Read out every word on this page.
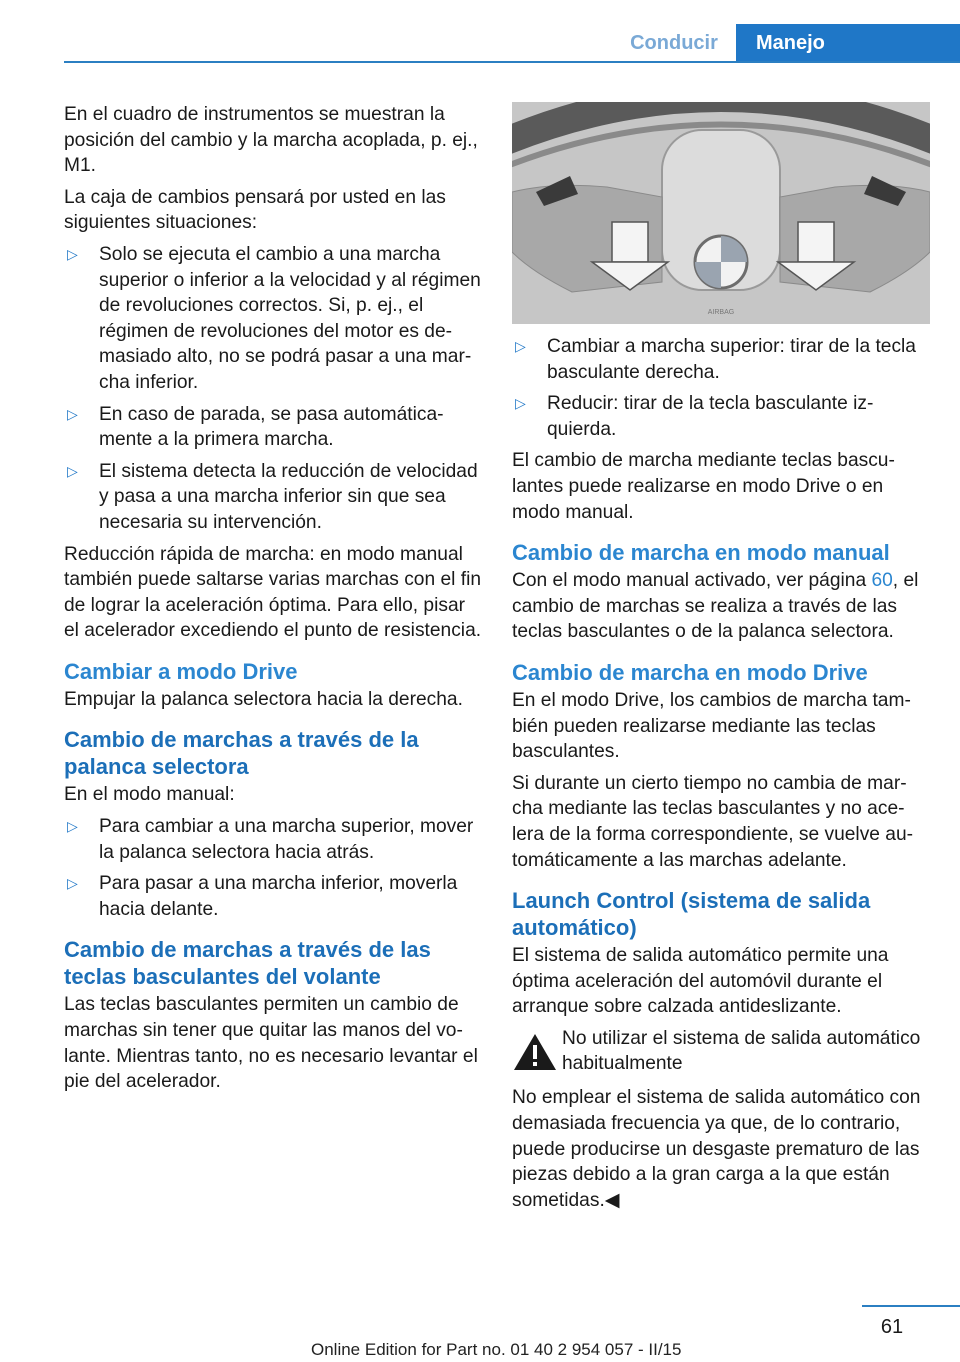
Conducir	Manejo

En el cuadro de instrumentos se muestran la posición del cambio y la marcha acoplada, p. ej., M1.

La caja de cambios pensará por usted en las siguientes situaciones:

▷	Solo se ejecuta el cambio a una marcha superior o inferior a la velocidad y al régimen de revoluciones correctos. Si, p. ej., el régimen de revoluciones del motor es demasiado alto, no se podrá pasar a una marcha inferior.
▷	En caso de parada, se pasa automáticamente a la primera marcha.
▷	El sistema detecta la reducción de velocidad y pasa a una marcha inferior sin que sea necesaria su intervención.

Reducción rápida de marcha: en modo manual también puede saltarse varias marchas con el fin de lograr la aceleración óptima. Para ello, pisar el acelerador excediendo el punto de resistencia.

Cambiar a modo Drive

Empujar la palanca selectora hacia la derecha.

Cambio de marchas a través de la palanca selectora

En el modo manual:

▷	Para cambiar a una marcha superior, mover la palanca selectora hacia atrás.
▷	Para pasar a una marcha inferior, moverla hacia delante.
Cambio de marchas a través de las teclas basculantes del volante

Las teclas basculantes permiten un cambio de marchas sin tener que quitar las manos del volante. Mientras tanto, no es necesario levantar el pie del acelerador.

AIRBAG
▷	Cambiar a marcha superior: tirar de la tecla basculante derecha.
▷	Reducir: tirar de la tecla basculante izquierda.

El cambio de marcha mediante teclas basculantes puede realizarse en modo Drive o en modo manual.

Cambio de marcha en modo manual

Con el modo manual activado, ver página 60, el cambio de marchas se realiza a través de las teclas basculantes o de la palanca selectora.

Cambio de marcha en modo Drive

En el modo Drive, los cambios de marcha también pueden realizarse mediante las teclas basculantes.

Si durante un cierto tiempo no cambia de marcha mediante las teclas basculantes y no acelera de la forma correspondiente, se vuelve automáticamente a las marchas adelante.

Launch Control (sistema de salida automático)

El sistema de salida automático permite una óptima aceleración del automóvil durante el arranque sobre calzada antideslizante.

No utilizar el sistema de salida automático habitualmente

No emplear el sistema de salida automático con demasiada frecuencia ya que, de lo contrario, puede producirse un desgaste prematuro de las piezas debido a la gran carga a la que están sometidas.◀

61
Online Edition for Part no. 01 40 2 954 057 - II/15
